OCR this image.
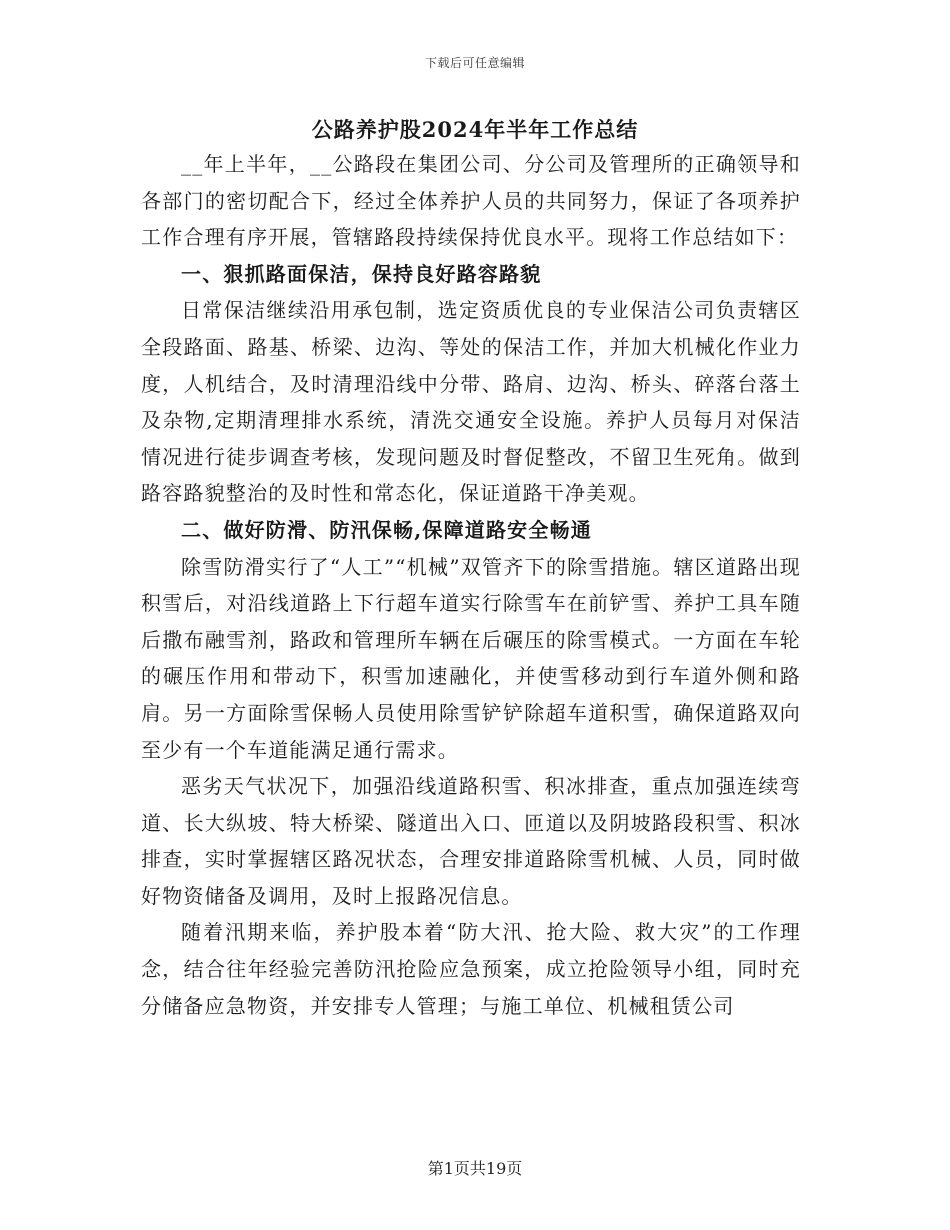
下载后可任意编辑
公路养护股2024年半年工作总结

__年上半年，__公路段在集团公司、分公司及管理所的正确领导和各部门的密切配合下，经过全体养护人员的共同努力，保证了各项养护工作合理有序开展，管辖路段持续保持优良水平。现将工作总结如下：

一、狠抓路面保洁，保持良好路容路貌

日常保洁继续沿用承包制，选定资质优良的专业保洁公司负责辖区全段路面、路基、桥梁、边沟、等处的保洁工作，并加大机械化作业力度，人机结合，及时清理沿线中分带、路肩、边沟、桥头、碎落台落土及杂物,定期清理排水系统，清洗交通安全设施。养护人员每月对保洁情况进行徒步调查考核，发现问题及时督促整改，不留卫生死角。做到路容路貌整治的及时性和常态化，保证道路干净美观。

二、做好防滑、防汛保畅,保障道路安全畅通

除雪防滑实行了“人工”“机械”双管齐下的除雪措施。辖区道路出现积雪后，对沿线道路上下行超车道实行除雪车在前铲雪、养护工具车随后撒布融雪剂，路政和管理所车辆在后碾压的除雪模式。一方面在车轮的碾压作用和带动下，积雪加速融化，并使雪移动到行车道外侧和路肩。另一方面除雪保畅人员使用除雪铲铲除超车道积雪，确保道路双向至少有一个车道能满足通行需求。

恶劣天气状况下，加强沿线道路积雪、积冰排查，重点加强连续弯道、长大纵坡、特大桥梁、隧道出入口、匝道以及阴坡路段积雪、积冰排查，实时掌握辖区路况状态，合理安排道路除雪机械、人员，同时做好物资储备及调用，及时上报路况信息。

随着汛期来临，养护股本着“防大汛、抢大险、救大灾”的工作理念，结合往年经验完善防汛抢险应急预案，成立抢险领导小组，同时充分储备应急物资，并安排专人管理；与施工单位、机械租赁公司

第1页共19页
